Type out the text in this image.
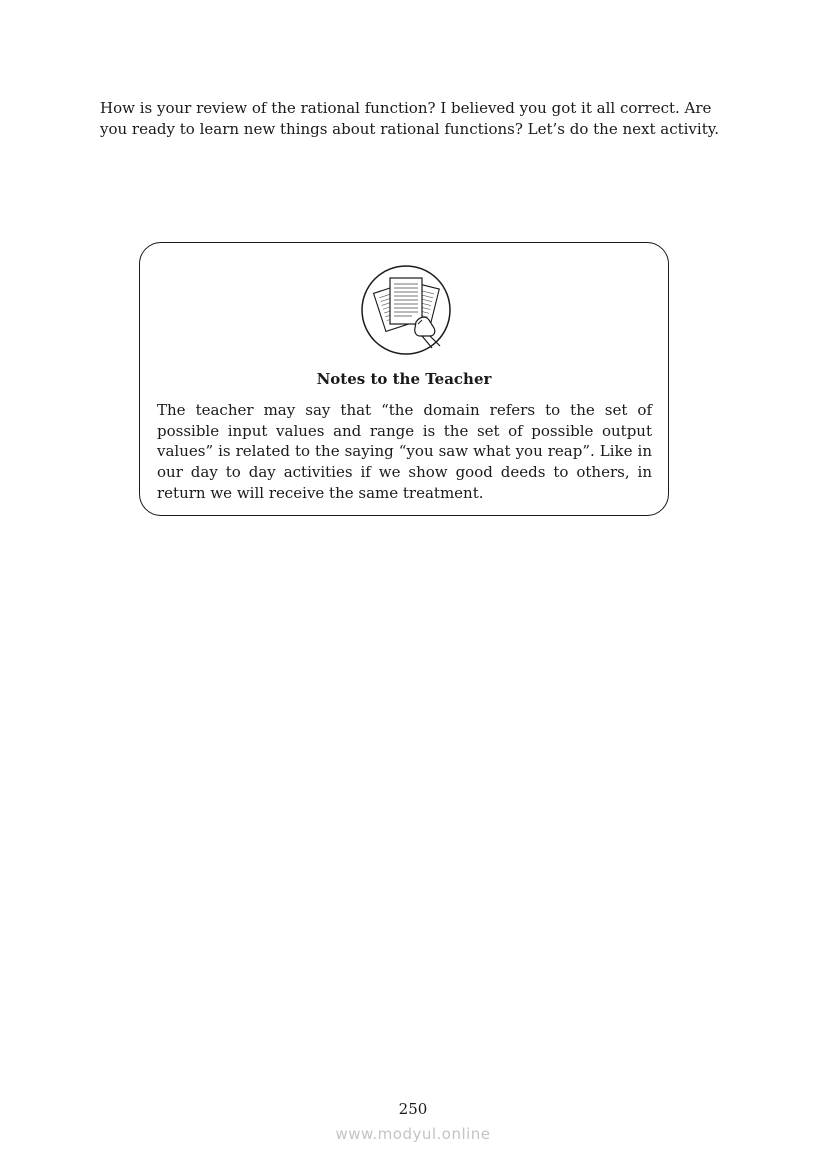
How is your review of the rational function? I believed you got it all correct. Are you ready to learn new things about rational functions? Let’s do the next activity.

Notes to the Teacher

The teacher may say that “the domain refers to the set of possible input values and range is the set of possible output values” is related to the saying “you saw what you reap”. Like in our day to day activities if we show good deeds to others, in return we will receive the same treatment.

250

www.modyul.online
